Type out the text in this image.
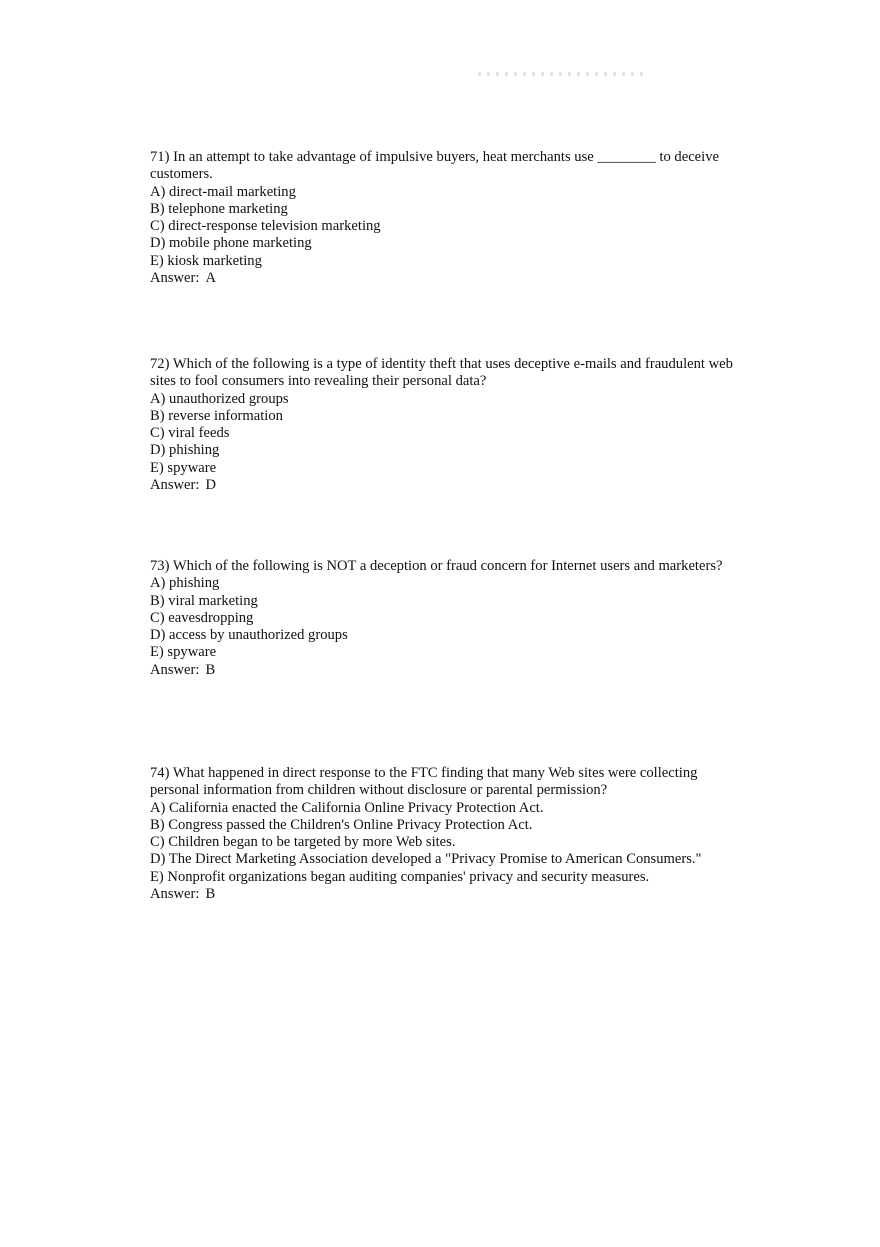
71) In an attempt to take advantage of impulsive buyers, heat merchants use ________ to deceive customers.
A) direct-mail marketing
B) telephone marketing
C) direct-response television marketing
D) mobile phone marketing
E) kiosk marketing
Answer: A
72) Which of the following is a type of identity theft that uses deceptive e-mails and fraudulent web sites to fool consumers into revealing their personal data?
A) unauthorized groups
B) reverse information
C) viral feeds
D) phishing
E) spyware
Answer: D
73) Which of the following is NOT a deception or fraud concern for Internet users and marketers?
A) phishing
B) viral marketing
C) eavesdropping
D) access by unauthorized groups
E) spyware
Answer: B
74) What happened in direct response to the FTC finding that many Web sites were collecting personal information from children without disclosure or parental permission?
A) California enacted the California Online Privacy Protection Act.
B) Congress passed the Children's Online Privacy Protection Act.
C) Children began to be targeted by more Web sites.
D) The Direct Marketing Association developed a "Privacy Promise to American Consumers."
E) Nonprofit organizations began auditing companies' privacy and security measures.
Answer: B
